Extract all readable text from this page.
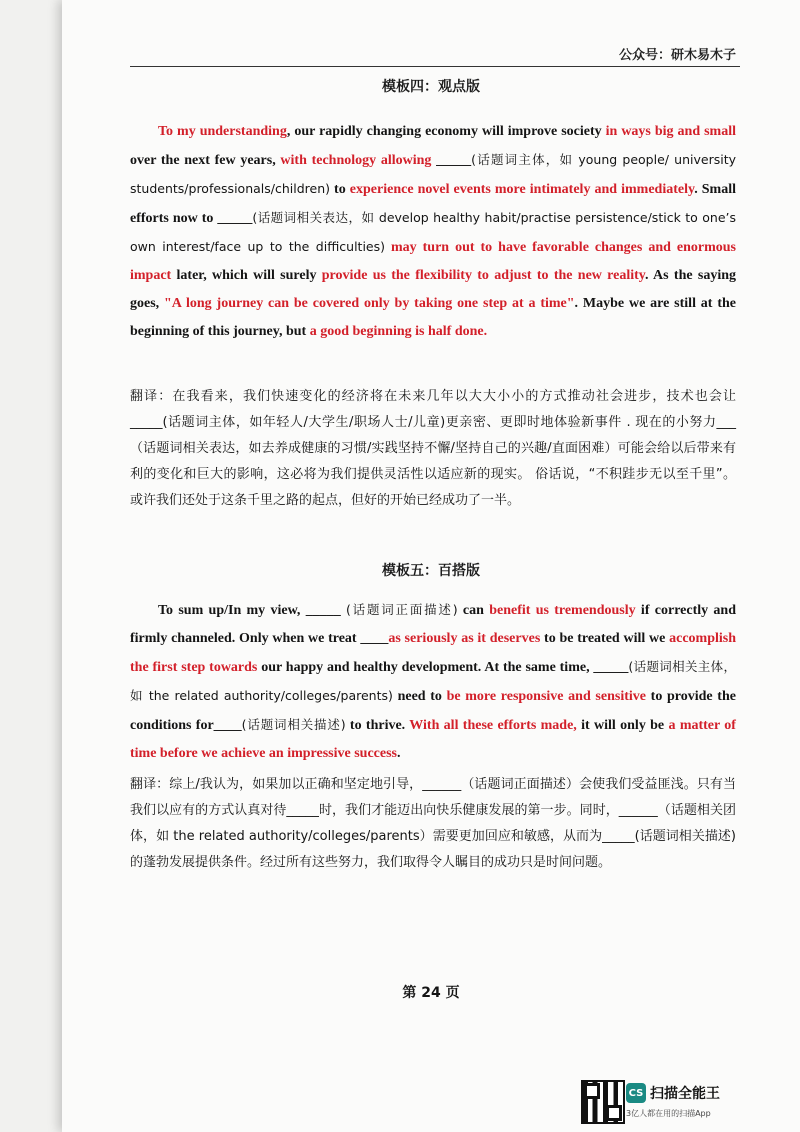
公众号：研木易木子
模板四：观点版

To my understanding, our rapidly changing economy will improve society in ways big and small over the next few years, with technology allowing _____(话题词主体，如 young people/ university students/professionals/children) to experience novel events more intimately and immediately. Small efforts now to _____(话题词相关表达，如 develop healthy habit/practise persistence/stick to one’s own interest/face up to the difficulties) may turn out to have favorable changes and enormous impact later, which will surely provide us the flexibility to adjust to the new reality. As the saying goes, "A long journey can be covered only by taking one step at a time". Maybe we are still at the beginning of this journey, but a good beginning is half done.

翻译：在我看来，我们快速变化的经济将在未来几年以大大小小的方式推动社会进步，技术也会让_____(话题词主体，如年轻人/大学生/职场人士/儿童)更亲密、更即时地体验新事件 . 现在的小努力___（话题词相关表达，如去养成健康的习惯/实践坚持不懈/坚持自己的兴趣/直面困难）可能会给以后带来有利的变化和巨大的影响，这必将为我们提供灵活性以适应新的现实。 俗话说，“不积跬步无以至千里”。 或许我们还处于这条千里之路的起点，但好的开始已经成功了一半。

模板五：百搭版

To sum up/In my view, _____ (话题词正面描述) can benefit us tremendously if correctly and firmly channeled. Only when we treat ____as seriously as it deserves to be treated will we accomplish the first step towards our happy and healthy development. At the same time, _____(话题词相关主体，如 the related authority/colleges/parents) need to be more responsive and sensitive to provide the conditions for____(话题词相关描述) to thrive. With all these efforts made, it will only be a matter of time before we achieve an impressive success.

翻译：综上/我认为，如果加以正确和坚定地引导，______（话题词正面描述）会使我们受益匪浅。只有当我们以应有的方式认真对待_____时，我们才能迈出向快乐健康发展的第一步。同时，______（话题相关团体，如 the related authority/colleges/parents）需要更加回应和敏感，从而为_____(话题词相关描述) 的蓬勃发展提供条件。经过所有这些努力，我们取得令人瞩目的成功只是时间问题。

第 24 页
CS 扫描全能王
3亿人都在用的扫描App
